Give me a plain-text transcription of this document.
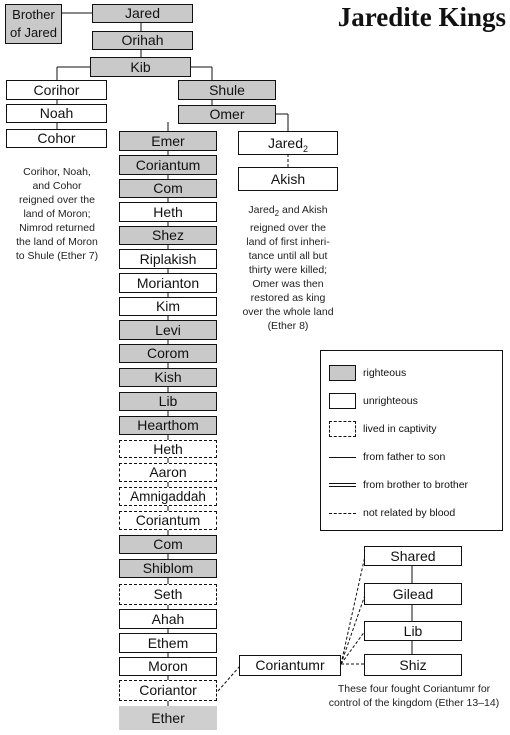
Jaredite Kings
Brother
of Jared
Jared
Orihah
Kib
Corihor
Noah
Cohor
Shule
Omer
Jared$_2$
Akish
Emer
Coriantum
Com
Heth
Shez
Riplakish
Morianton
Kim
Levi
Corom
Kish
Lib
Hearthom
Heth
Aaron
Amnigaddah
Coriantum
Com
Shiblom
Seth
Ahah
Ethem
Moron
Coriantor
Ether
Coriantumr
Shared
Gilead
Lib
Shiz
Corihor, Noah,
and Cohor
reigned over the
land of Moron;
Nimrod returned
the land of Moron
to Shule (Ether 7)
Jared$_2$ and Akish
reigned over the
land of first inheri-
tance until all but
thirty were killed;
Omer was then
restored as king
over the whole land
(Ether 8)
These four fought Coriantumr for
control of the kingdom (Ether 13–14)
righteous
unrighteous
lived in captivity
from father to son
from brother to brother
not related by blood
